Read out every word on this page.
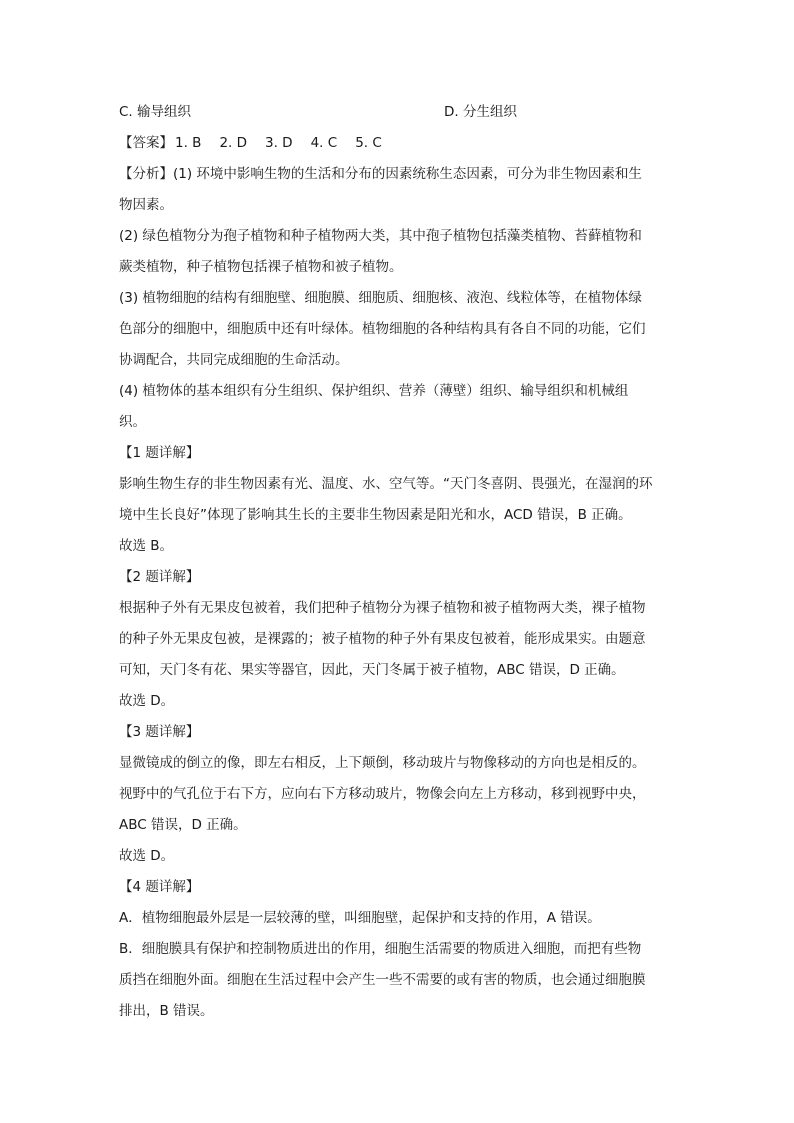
C. 输导组织	D. 分生组织
【答案】 1. B 2. D 3. D 4. C 5. C
【分析】(1) 环境中影响生物的生活和分布的因素统称生态因素，可分为非生物因素和生
物因素。
(2) 绿色植物分为孢子植物和种子植物两大类，其中孢子植物包括藻类植物、苔藓植物和
蕨类植物，种子植物包括裸子植物和被子植物。
(3) 植物细胞的结构有细胞壁、细胞膜、细胞质、细胞核、液泡、线粒体等，在植物体绿
色部分的细胞中，细胞质中还有叶绿体。植物细胞的各种结构具有各自不同的功能，它们
协调配合，共同完成细胞的生命活动。
(4) 植物体的基本组织有分生组织、保护组织、营养（薄壁）组织、输导组织和机械组
织。
【1 题详解】
影响生物生存的非生物因素有光、温度、水、空气等。“天门冬喜阴、畏强光，在湿润的环
境中生长良好”体现了影响其生长的主要非生物因素是阳光和水，ACD 错误，B 正确。
故选 B。
【2 题详解】
根据种子外有无果皮包被着，我们把种子植物分为裸子植物和被子植物两大类，裸子植物
的种子外无果皮包被，是裸露的；被子植物的种子外有果皮包被着，能形成果实。由题意
可知，天门冬有花、果实等器官，因此，天门冬属于被子植物，ABC 错误，D 正确。
故选 D。
【3 题详解】
显微镜成的倒立的像，即左右相反，上下颠倒，移动玻片与物像移动的方向也是相反的。
视野中的气孔位于右下方，应向右下方移动玻片，物像会向左上方移动，移到视野中央，
ABC 错误，D 正确。
故选 D。
【4 题详解】
A．植物细胞最外层是一层较薄的壁，叫细胞壁，起保护和支持的作用，A 错误。
B．细胞膜具有保护和控制物质进出的作用，细胞生活需要的物质进入细胞，而把有些物
质挡在细胞外面。细胞在生活过程中会产生一些不需要的或有害的物质，也会通过细胞膜
排出，B 错误。
